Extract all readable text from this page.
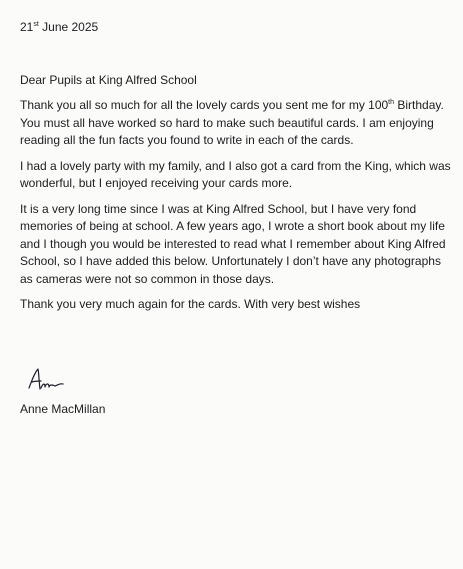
21st June 2025
Dear Pupils at King Alfred School

Thank you all so much for all the lovely cards you sent me for my 100th Birthday. You must all have worked so hard to make such beautiful cards. I am enjoying reading all the fun facts you found to write in each of the cards.

I had a lovely party with my family, and I also got a card from the King, which was wonderful, but I enjoyed receiving your cards more.

It is a very long time since I was at King Alfred School, but I have very fond memories of being at school. A few years ago, I wrote a short book about my life and I though you would be interested to read what I remember about King Alfred School, so I have added this below. Unfortunately I don’t have any photographs as cameras were not so common in those days.

Thank you very much again for the cards. With very best wishes

Anne MacMillan
